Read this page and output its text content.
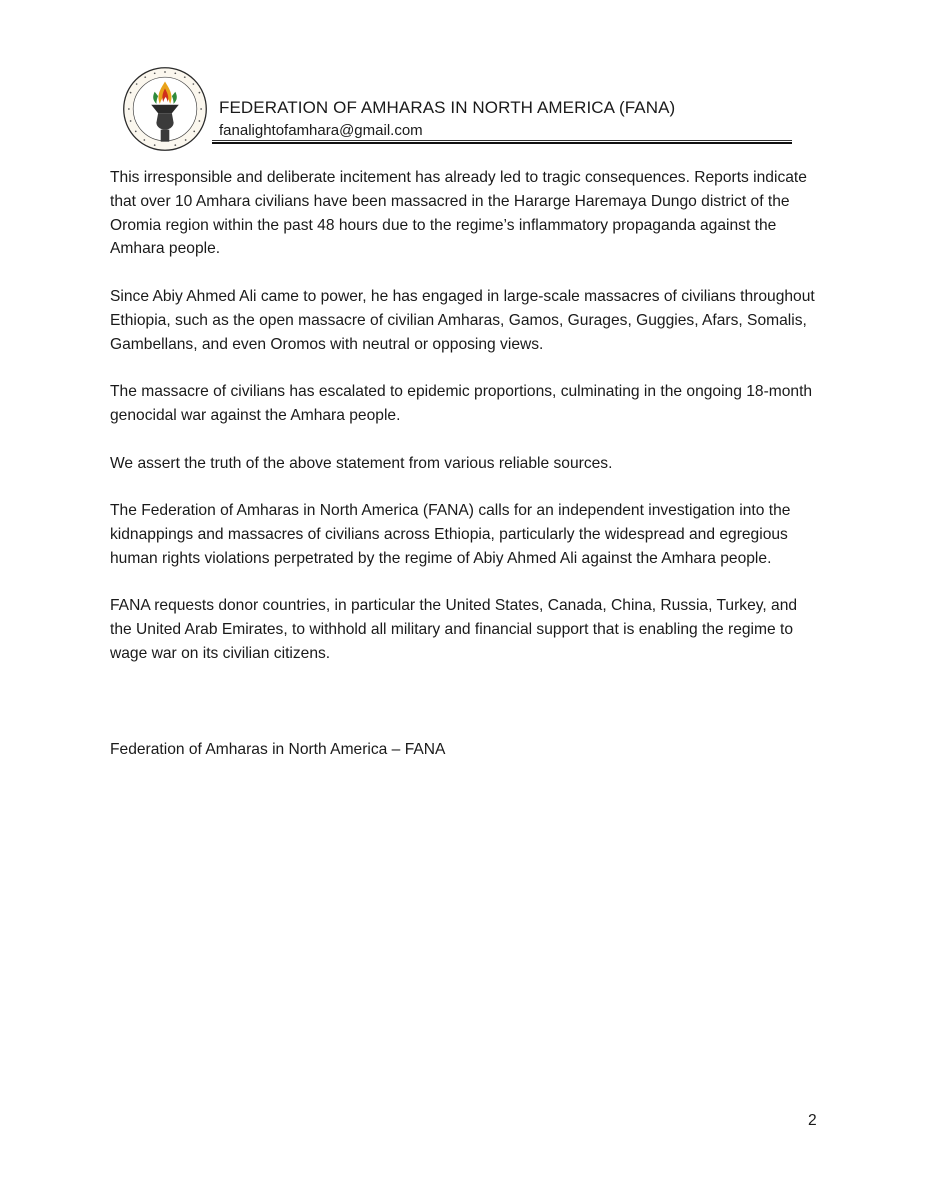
FEDERATION OF AMHARAS IN NORTH AMERICA (FANA)
fanalightofamhara@gmail.com

This irresponsible and deliberate incitement has already led to tragic consequences. Reports indicate that over 10 Amhara civilians have been massacred in the Hararge Haremaya Dungo district of the Oromia region within the past 48 hours due to the regime’s inflammatory propaganda against the Amhara people.

Since Abiy Ahmed Ali came to power, he has engaged in large-scale massacres of civilians throughout Ethiopia, such as the open massacre of civilian Amharas, Gamos, Gurages, Guggies, Afars, Somalis, Gambellans, and even Oromos with neutral or opposing views.

The massacre of civilians has escalated to epidemic proportions, culminating in the ongoing 18-month genocidal war against the Amhara people.

We assert the truth of the above statement from various reliable sources.

The Federation of Amharas in North America (FANA) calls for an independent investigation into the kidnappings and massacres of civilians across Ethiopia, particularly the widespread and egregious human rights violations perpetrated by the regime of Abiy Ahmed Ali against the Amhara people.

FANA requests donor countries, in particular the United States, Canada, China, Russia, Turkey, and the United Arab Emirates, to withhold all military and financial support that is enabling the regime to wage war on its civilian citizens.

Federation of Amharas in North America – FANA
2
